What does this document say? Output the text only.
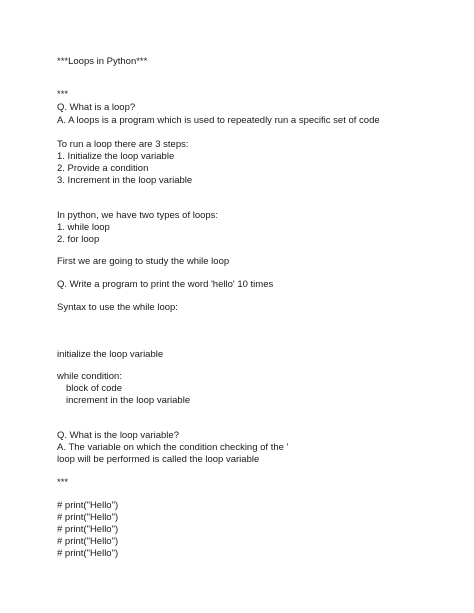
***Loops in Python***

***

Q. What is a loop?

A. A loops is a program which is used to repeatedly run a specific set of code

To run a loop there are 3 steps:

1. Initialize the loop variable

2. Provide a condition

3. Increment in the loop variable

In python, we have two types of loops:

1. while loop

2. for loop

First we are going to study the while loop

Q. Write a program to print the word 'hello' 10 times

Syntax to use the while loop:

initialize the loop variable

while condition:

block of code

increment in the loop variable

Q. What is the loop variable?

A. The variable on which the condition checking of the '

loop will be performed is called the loop variable

***

# print("Hello")

# print("Hello")

# print("Hello")

# print("Hello")

# print("Hello")
